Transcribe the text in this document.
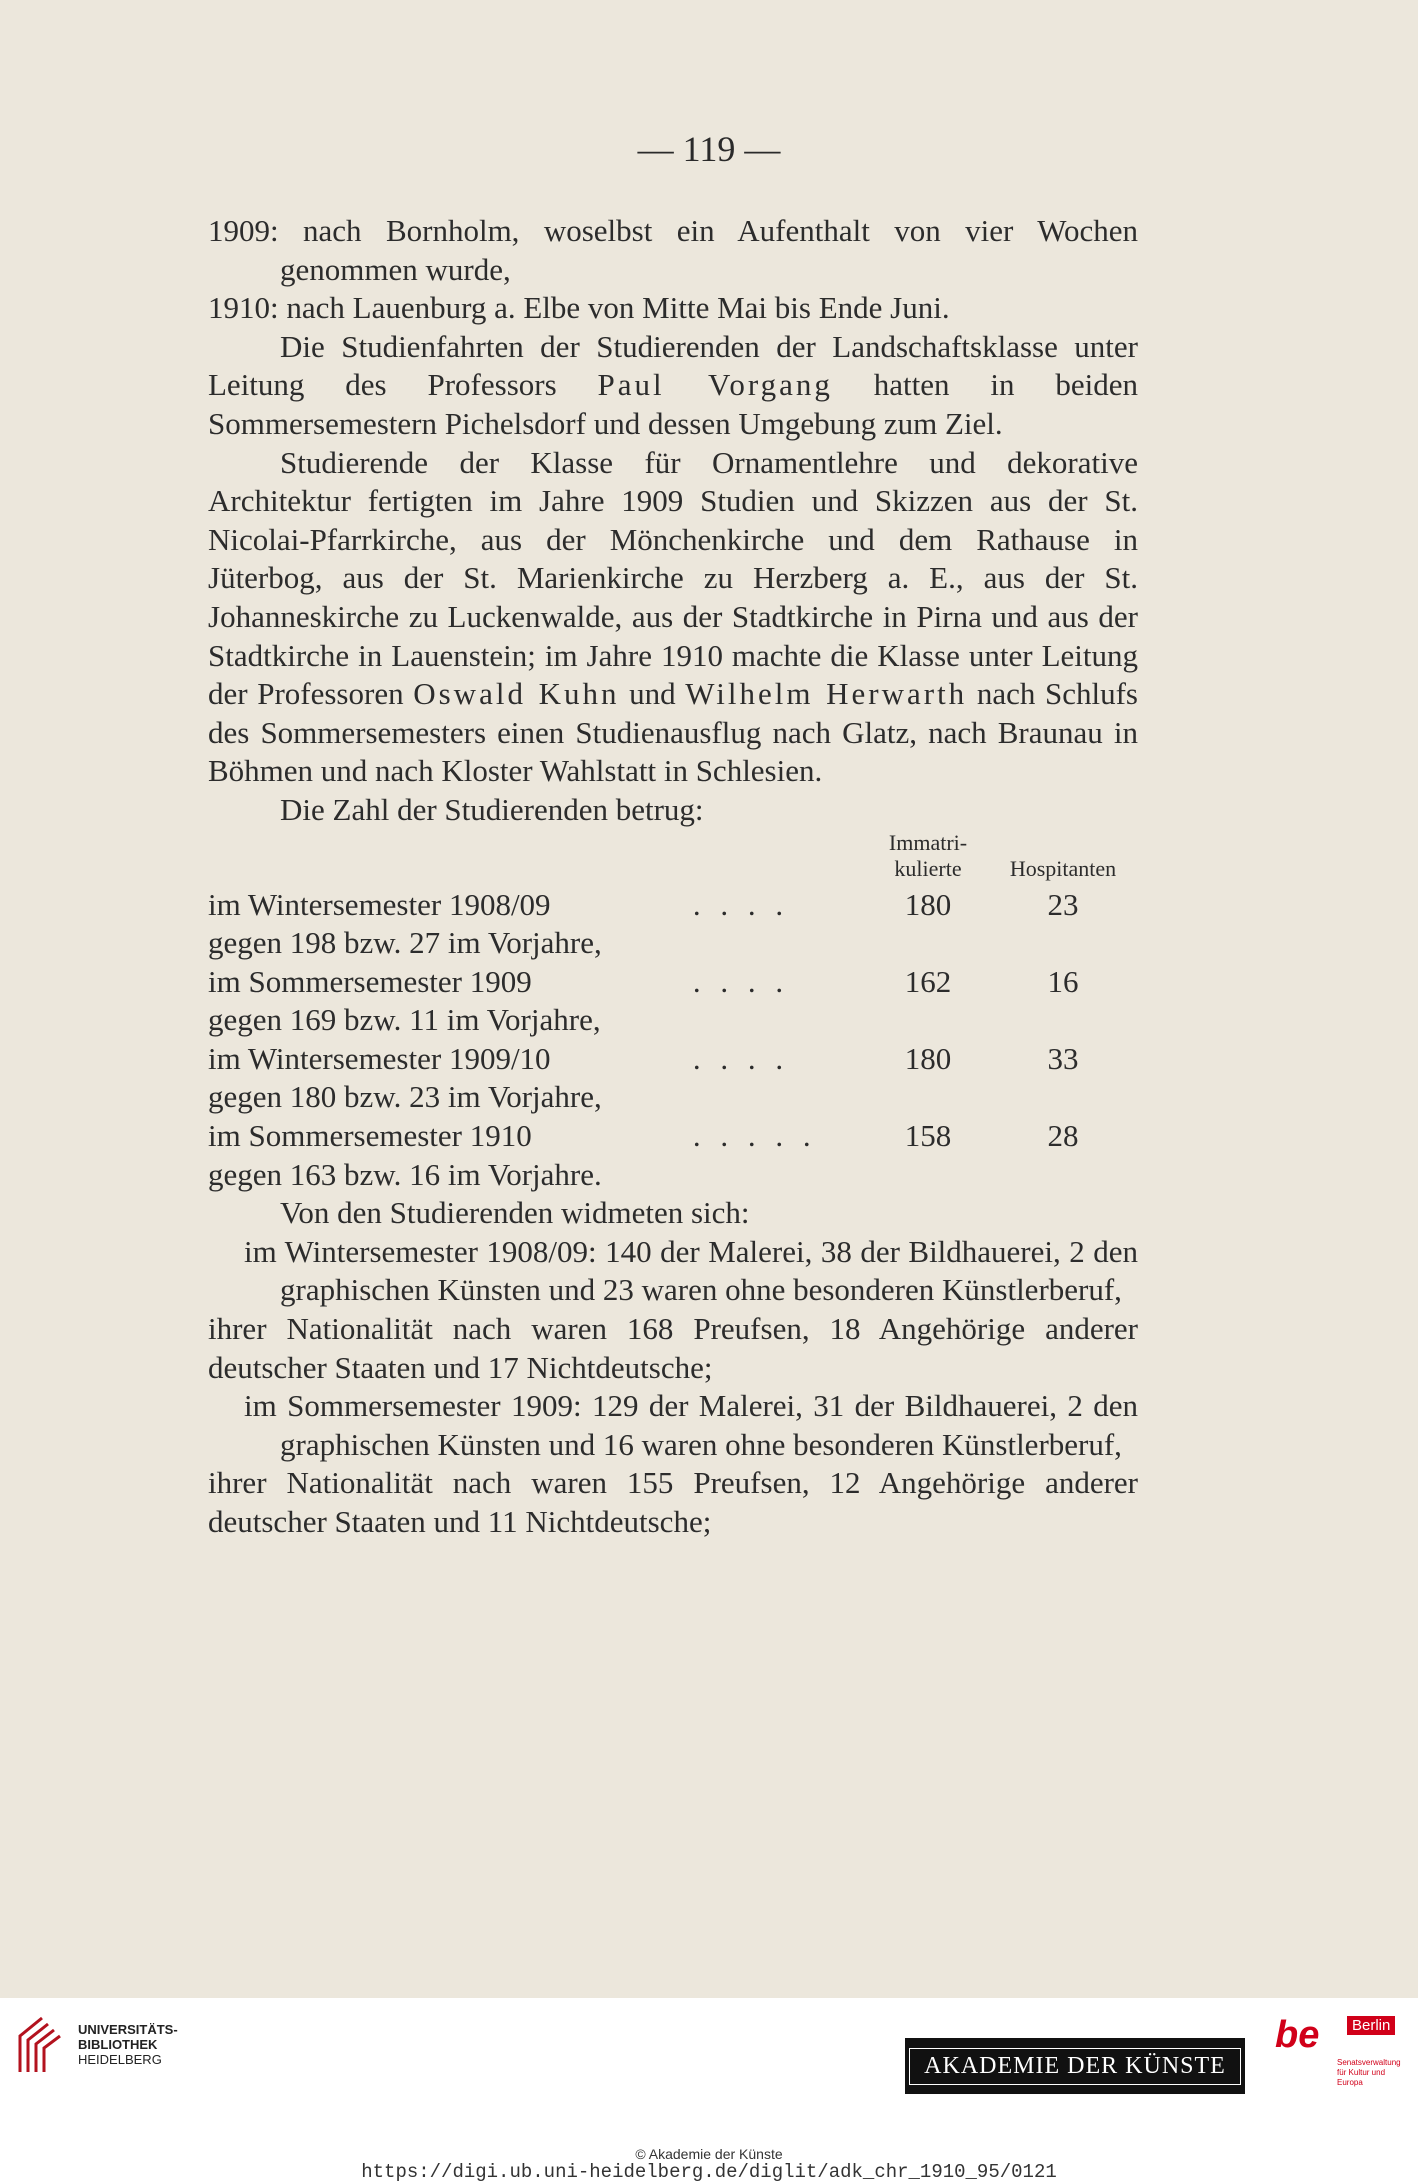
— 119 —

1909: nach Bornholm, woselbst ein Aufenthalt von vier Wochen genommen wurde,

1910: nach Lauenburg a. Elbe von Mitte Mai bis Ende Juni.

Die Studienfahrten der Studierenden der Landschaftsklasse unter Leitung des Professors Paul Vorgang hatten in beiden Sommersemestern Pichelsdorf und dessen Umgebung zum Ziel.

Studierende der Klasse für Ornamentlehre und dekorative Architektur fertigten im Jahre 1909 Studien und Skizzen aus der St. Nicolai-Pfarrkirche, aus der Mönchenkirche und dem Rathause in Jüterbog, aus der St. Marienkirche zu Herzberg a. E., aus der St. Johanneskirche zu Luckenwalde, aus der Stadtkirche in Pirna und aus der Stadtkirche in Lauenstein; im Jahre 1910 machte die Klasse unter Leitung der Professoren Oswald Kuhn und Wilhelm Herwarth nach Schlufs des Sommersemesters einen Studienausflug nach Glatz, nach Braunau in Böhmen und nach Kloster Wahlstatt in Schlesien.

Die Zahl der Studierenden betrug:

		Immatri-kulierte	Hospitanten
im Wintersemester 1908/09	. . . .	180	23
gegen 198 bzw. 27 im Vorjahre,			
im Sommersemester 1909	. . . .	162	16
gegen 169 bzw. 11 im Vorjahre,			
im Wintersemester 1909/10	. . . .	180	33
gegen 180 bzw. 23 im Vorjahre,			
im Sommersemester 1910	. . . . .	158	28
gegen 163 bzw. 16 im Vorjahre.			

Von den Studierenden widmeten sich:

im Wintersemester 1908/09: 140 der Malerei, 38 der Bildhauerei, 2 den graphischen Künsten und 23 waren ohne besonderen Künstlerberuf,

ihrer Nationalität nach waren 168 Preufsen, 18 Angehörige anderer deutscher Staaten und 17 Nichtdeutsche;

im Sommersemester 1909: 129 der Malerei, 31 der Bildhauerei, 2 den graphischen Künsten und 16 waren ohne besonderen Künstlerberuf,

ihrer Nationalität nach waren 155 Preufsen, 12 Angehörige anderer deutscher Staaten und 11 Nichtdeutsche;

UNIVERSITÄTS-
BIBLIOTHEK
HEIDELBERG	AKADEMIE DER KÜNSTE
be	Berlin
Senatsverwaltung
für Kultur und Europa
© Akademie der Künste
https://digi.ub.uni-heidelberg.de/diglit/adk_chr_1910_95/0121
